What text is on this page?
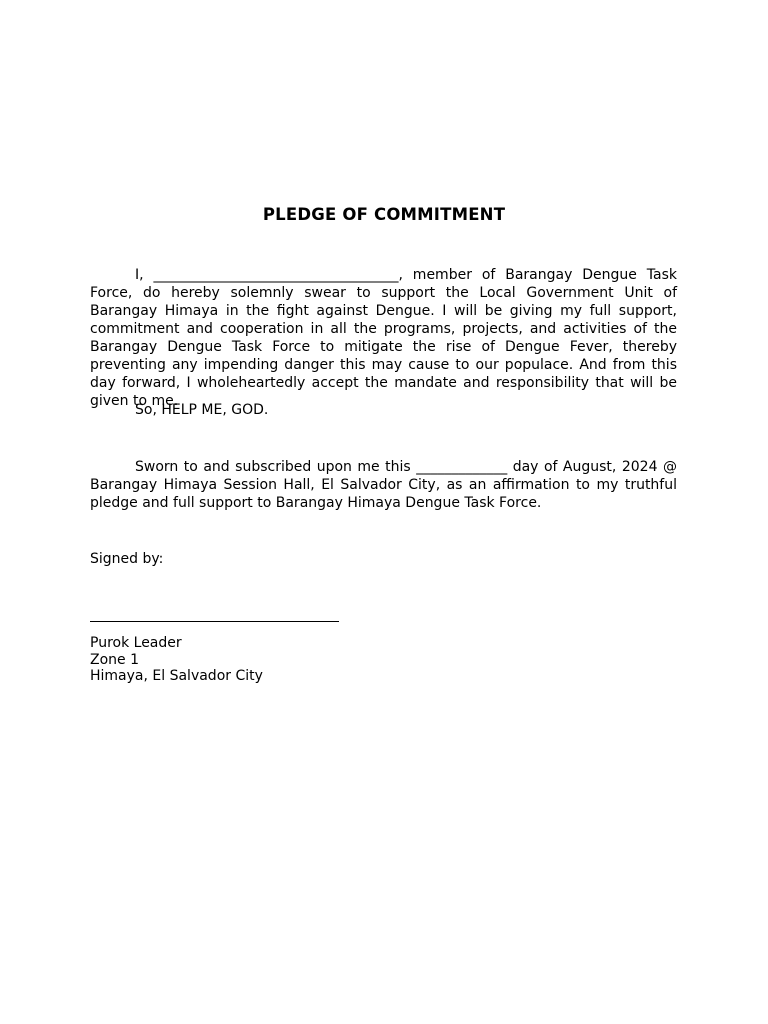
PLEDGE OF COMMITMENT

I, ___________________________________, member of Barangay Dengue Task Force, do hereby solemnly swear to support the Local Government Unit of Barangay Himaya in the fight against Dengue. I will be giving my full support, commitment and cooperation in all the programs, projects, and activities of the Barangay Dengue Task Force to mitigate the rise of Dengue Fever, thereby preventing any impending danger this may cause to our populace. And from this day forward, I wholeheartedly accept the mandate and responsibility that will be given to me.

So, HELP ME, GOD.

Sworn to and subscribed upon me this _____________ day of August, 2024 @ Barangay Himaya Session Hall, El Salvador City, as an affirmation to my truthful pledge and full support to Barangay Himaya Dengue Task Force.

Signed by:
Purok Leader
Zone 1
Himaya, El Salvador City
